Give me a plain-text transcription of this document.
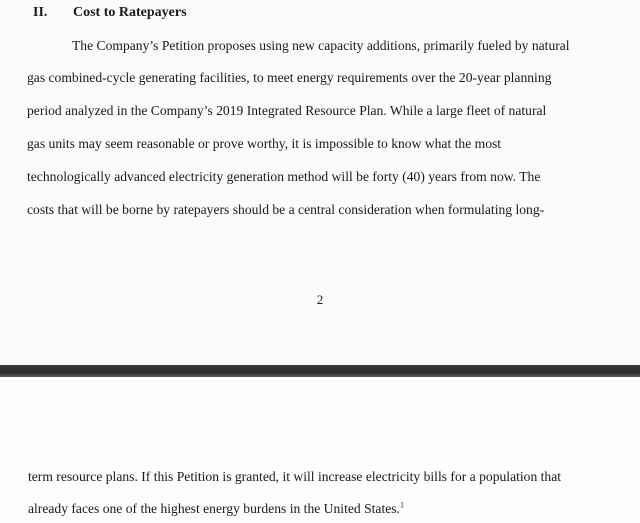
II. Cost to Ratepayers
The Company’s Petition proposes using new capacity additions, primarily fueled by natural
gas combined-cycle generating facilities, to meet energy requirements over the 20-year planning
period analyzed in the Company’s 2019 Integrated Resource Plan. While a large fleet of natural
gas units may seem reasonable or prove worthy, it is impossible to know what the most
technologically advanced electricity generation method will be forty (40) years from now. The
costs that will be borne by ratepayers should be a central consideration when formulating long-
2
term resource plans. If this Petition is granted, it will increase electricity bills for a population that
already faces one of the highest energy burdens in the United States.$^1$
